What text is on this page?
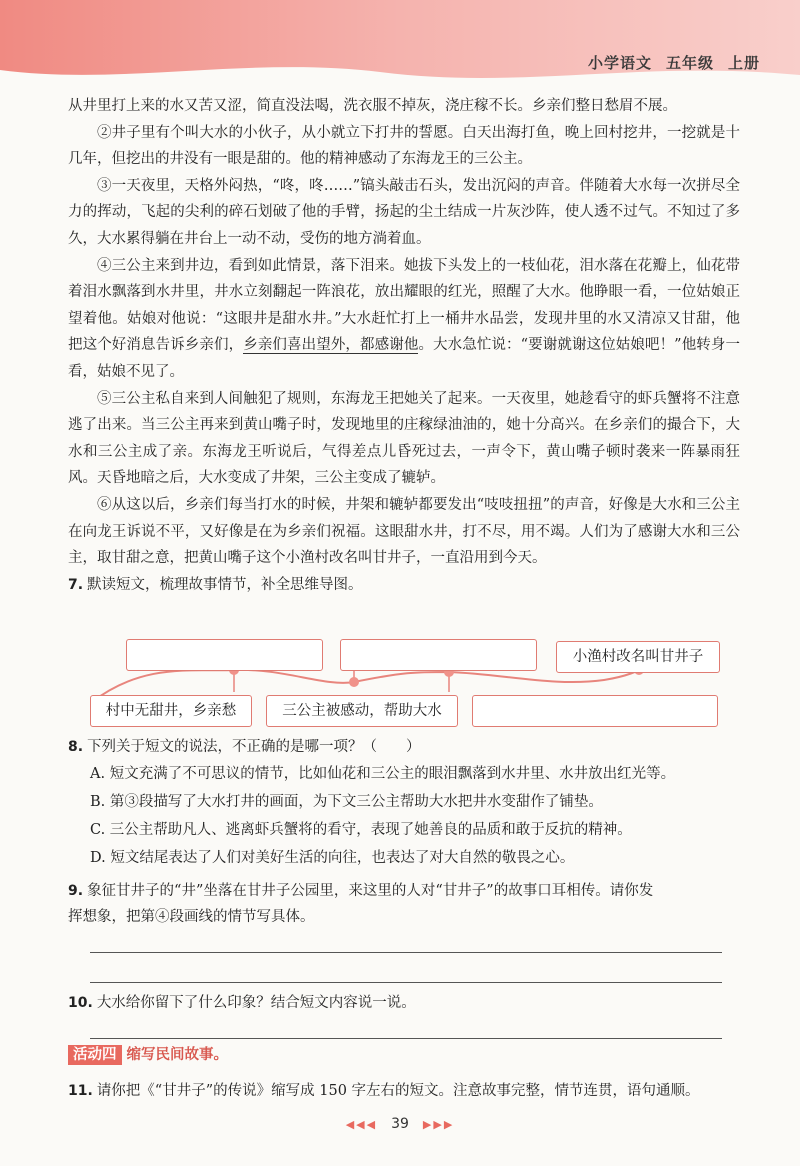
小学语文 五年级 上册

从井里打上来的水又苦又涩，简直没法喝，洗衣服不掉灰，浇庄稼不长。乡亲们整日愁眉不展。

②井子里有个叫大水的小伙子，从小就立下打井的誓愿。白天出海打鱼，晚上回村挖井，一挖就是十几年，但挖出的井没有一眼是甜的。他的精神感动了东海龙王的三公主。

③一天夜里，天格外闷热，“咚，咚……”镐头敲击石头，发出沉闷的声音。伴随着大水每一次拼尽全力的挥动，飞起的尖利的碎石划破了他的手臂，扬起的尘土结成一片灰沙阵，使人透不过气。不知过了多久，大水累得躺在井台上一动不动，受伤的地方淌着血。

④三公主来到井边，看到如此情景，落下泪来。她拔下头发上的一枝仙花，泪水落在花瓣上，仙花带着泪水飘落到水井里，井水立刻翻起一阵浪花，放出耀眼的红光，照醒了大水。他睁眼一看，一位姑娘正望着他。姑娘对他说：“这眼井是甜水井。”大水赶忙打上一桶井水品尝，发现井里的水又清凉又甘甜，他把这个好消息告诉乡亲们，乡亲们喜出望外，都感谢他。大水急忙说：“要谢就谢这位姑娘吧！”他转身一看，姑娘不见了。

⑤三公主私自来到人间触犯了规则，东海龙王把她关了起来。一天夜里，她趁看守的虾兵蟹将不注意逃了出来。当三公主再来到黄山嘴子时，发现地里的庄稼绿油油的，她十分高兴。在乡亲们的撮合下，大水和三公主成了亲。东海龙王听说后，气得差点儿昏死过去，一声令下，黄山嘴子顿时袭来一阵暴雨狂风。天昏地暗之后，大水变成了井架，三公主变成了辘轳。

⑥从这以后，乡亲们每当打水的时候，井架和辘轳都要发出“吱吱扭扭”的声音，好像是大水和三公主在向龙王诉说不平，又好像是在为乡亲们祝福。这眼甜水井，打不尽，用不竭。人们为了感谢大水和三公主，取甘甜之意，把黄山嘴子这个小渔村改名叫甘井子，一直沿用到今天。

7. 默读短文，梳理故事情节，补全思维导图。

小渔村改名叫甘井子
村中无甜井，乡亲愁	三公主被感动，帮助大水

8. 下列关于短文的说法，不正确的是哪一项？（　　）

A. 短文充满了不可思议的情节，比如仙花和三公主的眼泪飘落到水井里、水井放出红光等。

B. 第③段描写了大水打井的画面，为下文三公主帮助大水把井水变甜作了铺垫。

C. 三公主帮助凡人、逃离虾兵蟹将的看守，表现了她善良的品质和敢于反抗的精神。

D. 短文结尾表达了人们对美好生活的向往，也表达了对大自然的敬畏之心。

9. 象征甘井子的“井”坐落在甘井子公园里，来这里的人对“甘井子”的故事口耳相传。请你发

挥想象，把第④段画线的情节写具体。

10. 大水给你留下了什么印象？结合短文内容说一说。

活动四 缩写民间故事。

11. 请你把《“甘井子”的传说》缩写成 150 字左右的短文。注意故事完整，情节连贯，语句通顺。

◀◀◀ 39 ▶▶▶
